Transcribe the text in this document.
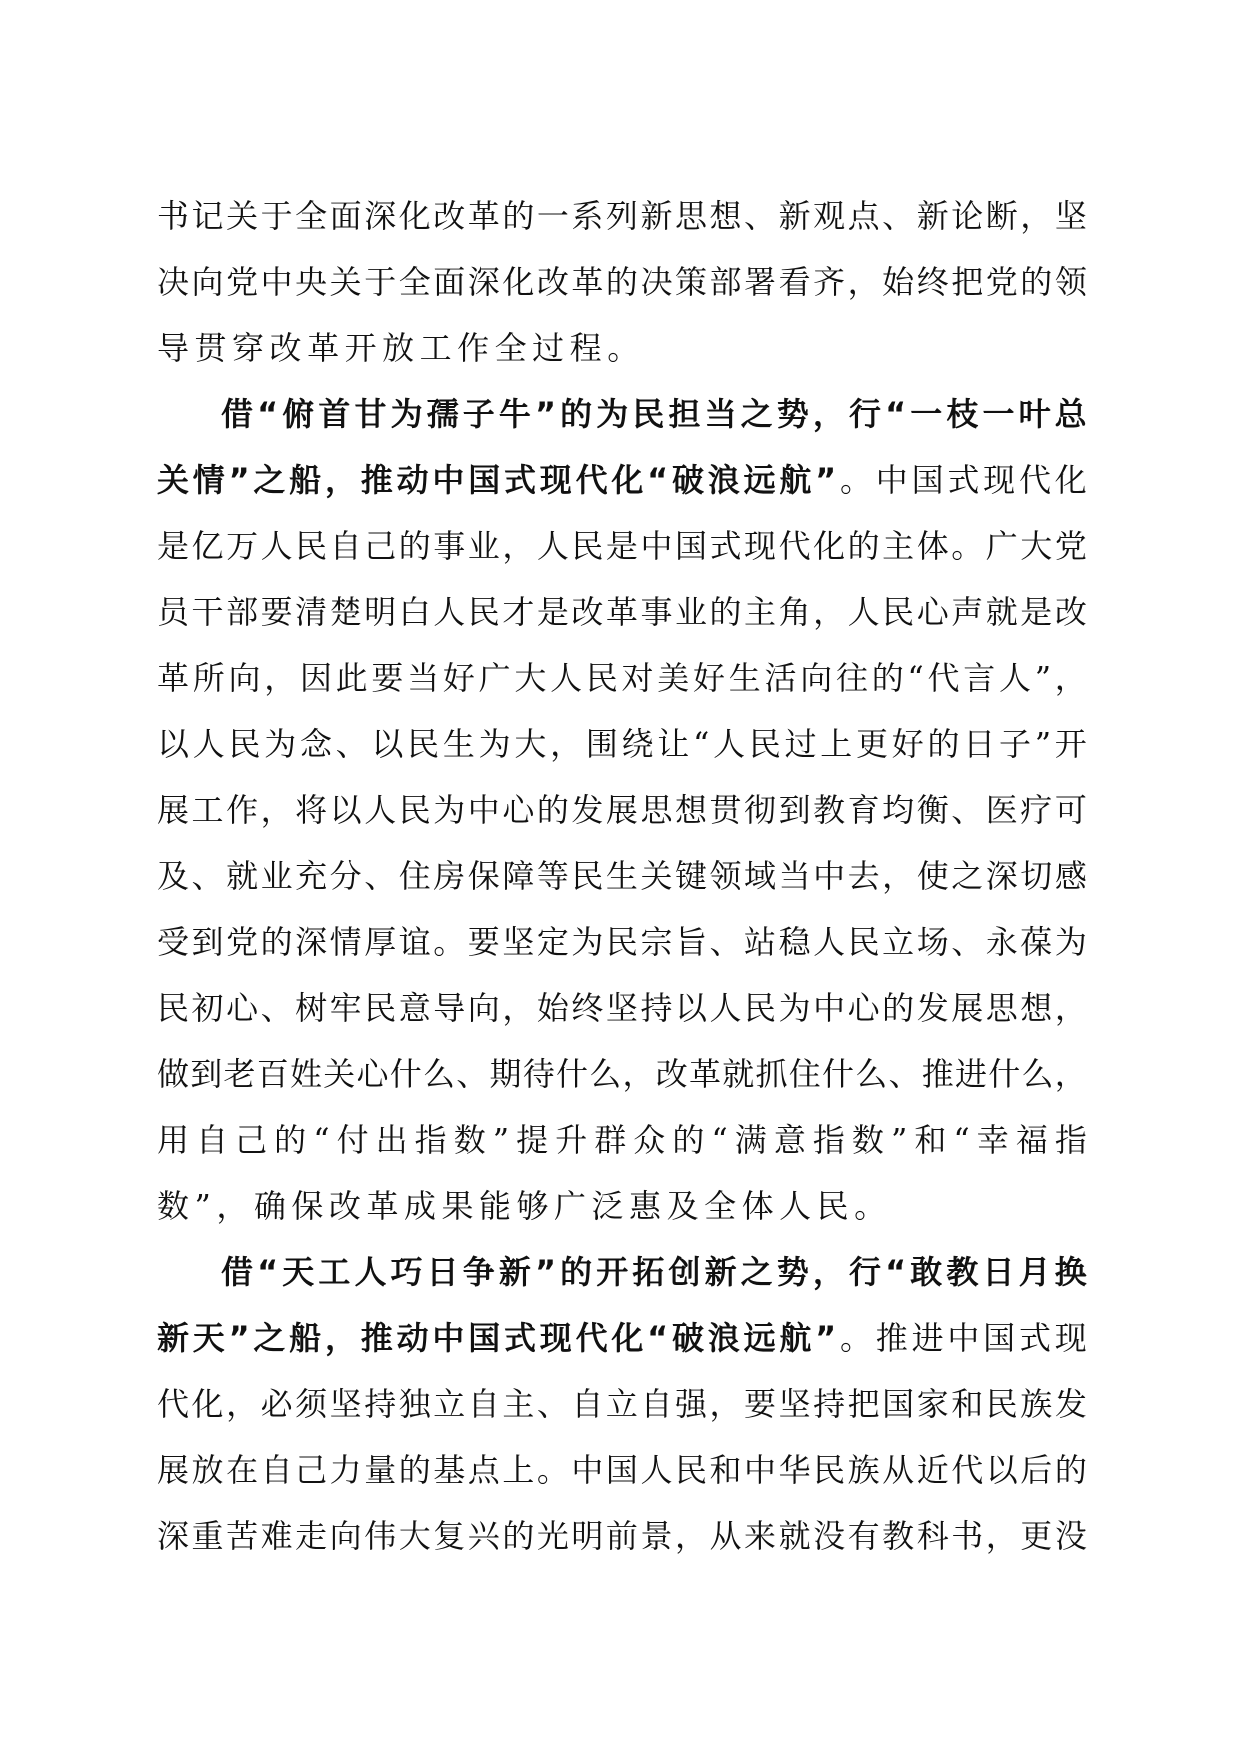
书 记 关 于 全 面 深 化 改 革 的 一 系 列 新 思 想 、 新 观 点 、 新 论 断 ， 坚
决 向 党 中 央 关 于 全 面 深 化 改 革 的 决 策 部 署 看 齐 ， 始 终 把 党 的 领
导 贯 穿 改 革 开 放 工 作 全 过 程 。
借 “ 俯 首 甘 为 孺 子 牛 ” 的 为 民 担 当 之 势 ， 行 “ 一 枝 一 叶 总
关 情 ” 之 船 ， 推 动 中 国 式 现 代 化 “ 破 浪 远 航 ” 。 中 国 式 现 代 化
是 亿 万 人 民 自 己 的 事 业 ， 人 民 是 中 国 式 现 代 化 的 主 体 。 广 大 党
员 干 部 要 清 楚 明 白 人 民 才 是 改 革 事 业 的 主 角 ， 人 民 心 声 就 是 改
革 所 向 ， 因 此 要 当 好 广 大 人 民 对 美 好 生 活 向 往 的 “ 代 言 人 ” ，
以 人 民 为 念 、 以 民 生 为 大 ， 围 绕 让 “ 人 民 过 上 更 好 的 日 子 ” 开
展 工 作 ， 将 以 人 民 为 中 心 的 发 展 思 想 贯 彻 到 教 育 均 衡 、 医 疗 可
及 、 就 业 充 分 、 住 房 保 障 等 民 生 关 键 领 域 当 中 去 ， 使 之 深 切 感
受 到 党 的 深 情 厚 谊 。 要 坚 定 为 民 宗 旨 、 站 稳 人 民 立 场 、 永 葆 为
民 初 心 、 树 牢 民 意 导 向 ， 始 终 坚 持 以 人 民 为 中 心 的 发 展 思 想 ，
做 到 老 百 姓 关 心 什 么 、 期 待 什 么 ， 改 革 就 抓 住 什 么 、 推 进 什 么 ，
用 自 己 的 “ 付 出 指 数 ” 提 升 群 众 的 “ 满 意 指 数 ” 和 “ 幸 福 指
数 ” ， 确 保 改 革 成 果 能 够 广 泛 惠 及 全 体 人 民 。
借 “ 天 工 人 巧 日 争 新 ” 的 开 拓 创 新 之 势 ， 行 “ 敢 教 日 月 换
新 天 ” 之 船 ， 推 动 中 国 式 现 代 化 “ 破 浪 远 航 ” 。 推 进 中 国 式 现
代 化 ， 必 须 坚 持 独 立 自 主 、 自 立 自 强 ， 要 坚 持 把 国 家 和 民 族 发
展 放 在 自 己 力 量 的 基 点 上 。 中 国 人 民 和 中 华 民 族 从 近 代 以 后 的
深 重 苦 难 走 向 伟 大 复 兴 的 光 明 前 景 ， 从 来 就 没 有 教 科 书 ， 更 没
